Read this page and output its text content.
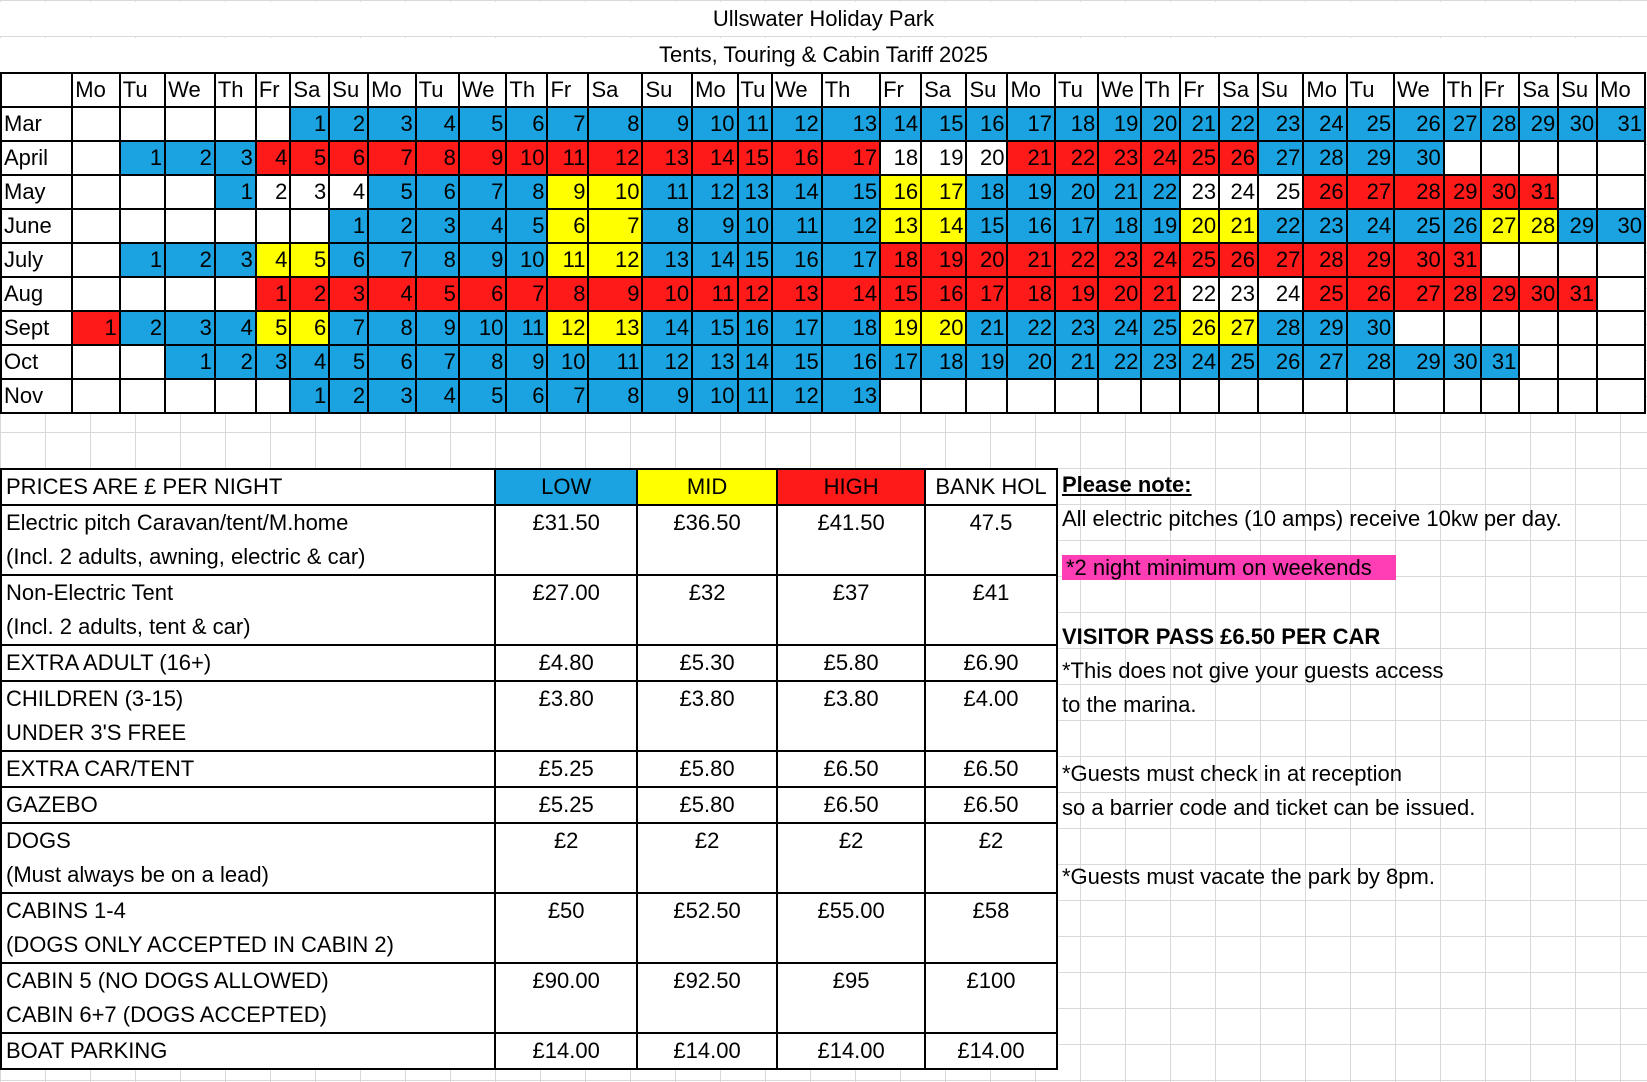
Ullswater Holiday Park
Tents, Touring & Cabin Tariff 2025
	Mo	Tu	We	Th	Fr	Sa	Su	Mo	Tu	We	Th	Fr	Sa	Su	Mo	Tu	We	Th	Fr	Sa	Su	Mo	Tu	We	Th	Fr	Sa	Su	Mo	Tu	We	Th	Fr	Sa	Su	Mo
Mar						1	2	3	4	5	6	7	8	9	10	11	12	13	14	15	16	17	18	19	20	21	22	23	24	25	26	27	28	29	30	31
April		1	2	3	4	5	6	7	8	9	10	11	12	13	14	15	16	17	18	19	20	21	22	23	24	25	26	27	28	29	30					
May				1	2	3	4	5	6	7	8	9	10	11	12	13	14	15	16	17	18	19	20	21	22	23	24	25	26	27	28	29	30	31		
June							1	2	3	4	5	6	7	8	9	10	11	12	13	14	15	16	17	18	19	20	21	22	23	24	25	26	27	28	29	30
July		1	2	3	4	5	6	7	8	9	10	11	12	13	14	15	16	17	18	19	20	21	22	23	24	25	26	27	28	29	30	31				
Aug					1	2	3	4	5	6	7	8	9	10	11	12	13	14	15	16	17	18	19	20	21	22	23	24	25	26	27	28	29	30	31	
Sept	1	2	3	4	5	6	7	8	9	10	11	12	13	14	15	16	17	18	19	20	21	22	23	24	25	26	27	28	29	30						
Oct			1	2	3	4	5	6	7	8	9	10	11	12	13	14	15	16	17	18	19	20	21	22	23	24	25	26	27	28	29	30	31			
Nov						1	2	3	4	5	6	7	8	9	10	11	12	13																		
PRICES ARE £ PER NIGHT	LOW	MID	HIGH	BANK HOL
Electric pitch Caravan/tent/M.home	£31.50	£36.50	£41.50	47.5
(Incl. 2 adults, awning, electric & car)				
Non-Electric Tent	£27.00	£32	£37	£41
(Incl. 2 adults, tent & car)				
EXTRA ADULT (16+)	£4.80	£5.30	£5.80	£6.90
CHILDREN (3-15)	£3.80	£3.80	£3.80	£4.00
UNDER 3'S FREE				
EXTRA CAR/TENT	£5.25	£5.80	£6.50	£6.50
GAZEBO	£5.25	£5.80	£6.50	£6.50
DOGS	£2	£2	£2	£2
(Must always be on a lead)				
CABINS 1-4	£50	£52.50	£55.00	£58
(DOGS ONLY ACCEPTED IN CABIN 2)				
CABIN 5 (NO DOGS ALLOWED)	£90.00	£92.50	£95	£100
CABIN 6+7 (DOGS ACCEPTED)				
BOAT PARKING	£14.00	£14.00	£14.00	£14.00
Please note:
All electric pitches (10 amps) receive 10kw per day.
*2 night minimum on weekends
VISITOR PASS £6.50 PER CAR
*This does not give your guests access
to the marina.
*Guests must check in at reception
so a barrier code and ticket can be issued.
*Guests must vacate the park by 8pm.
